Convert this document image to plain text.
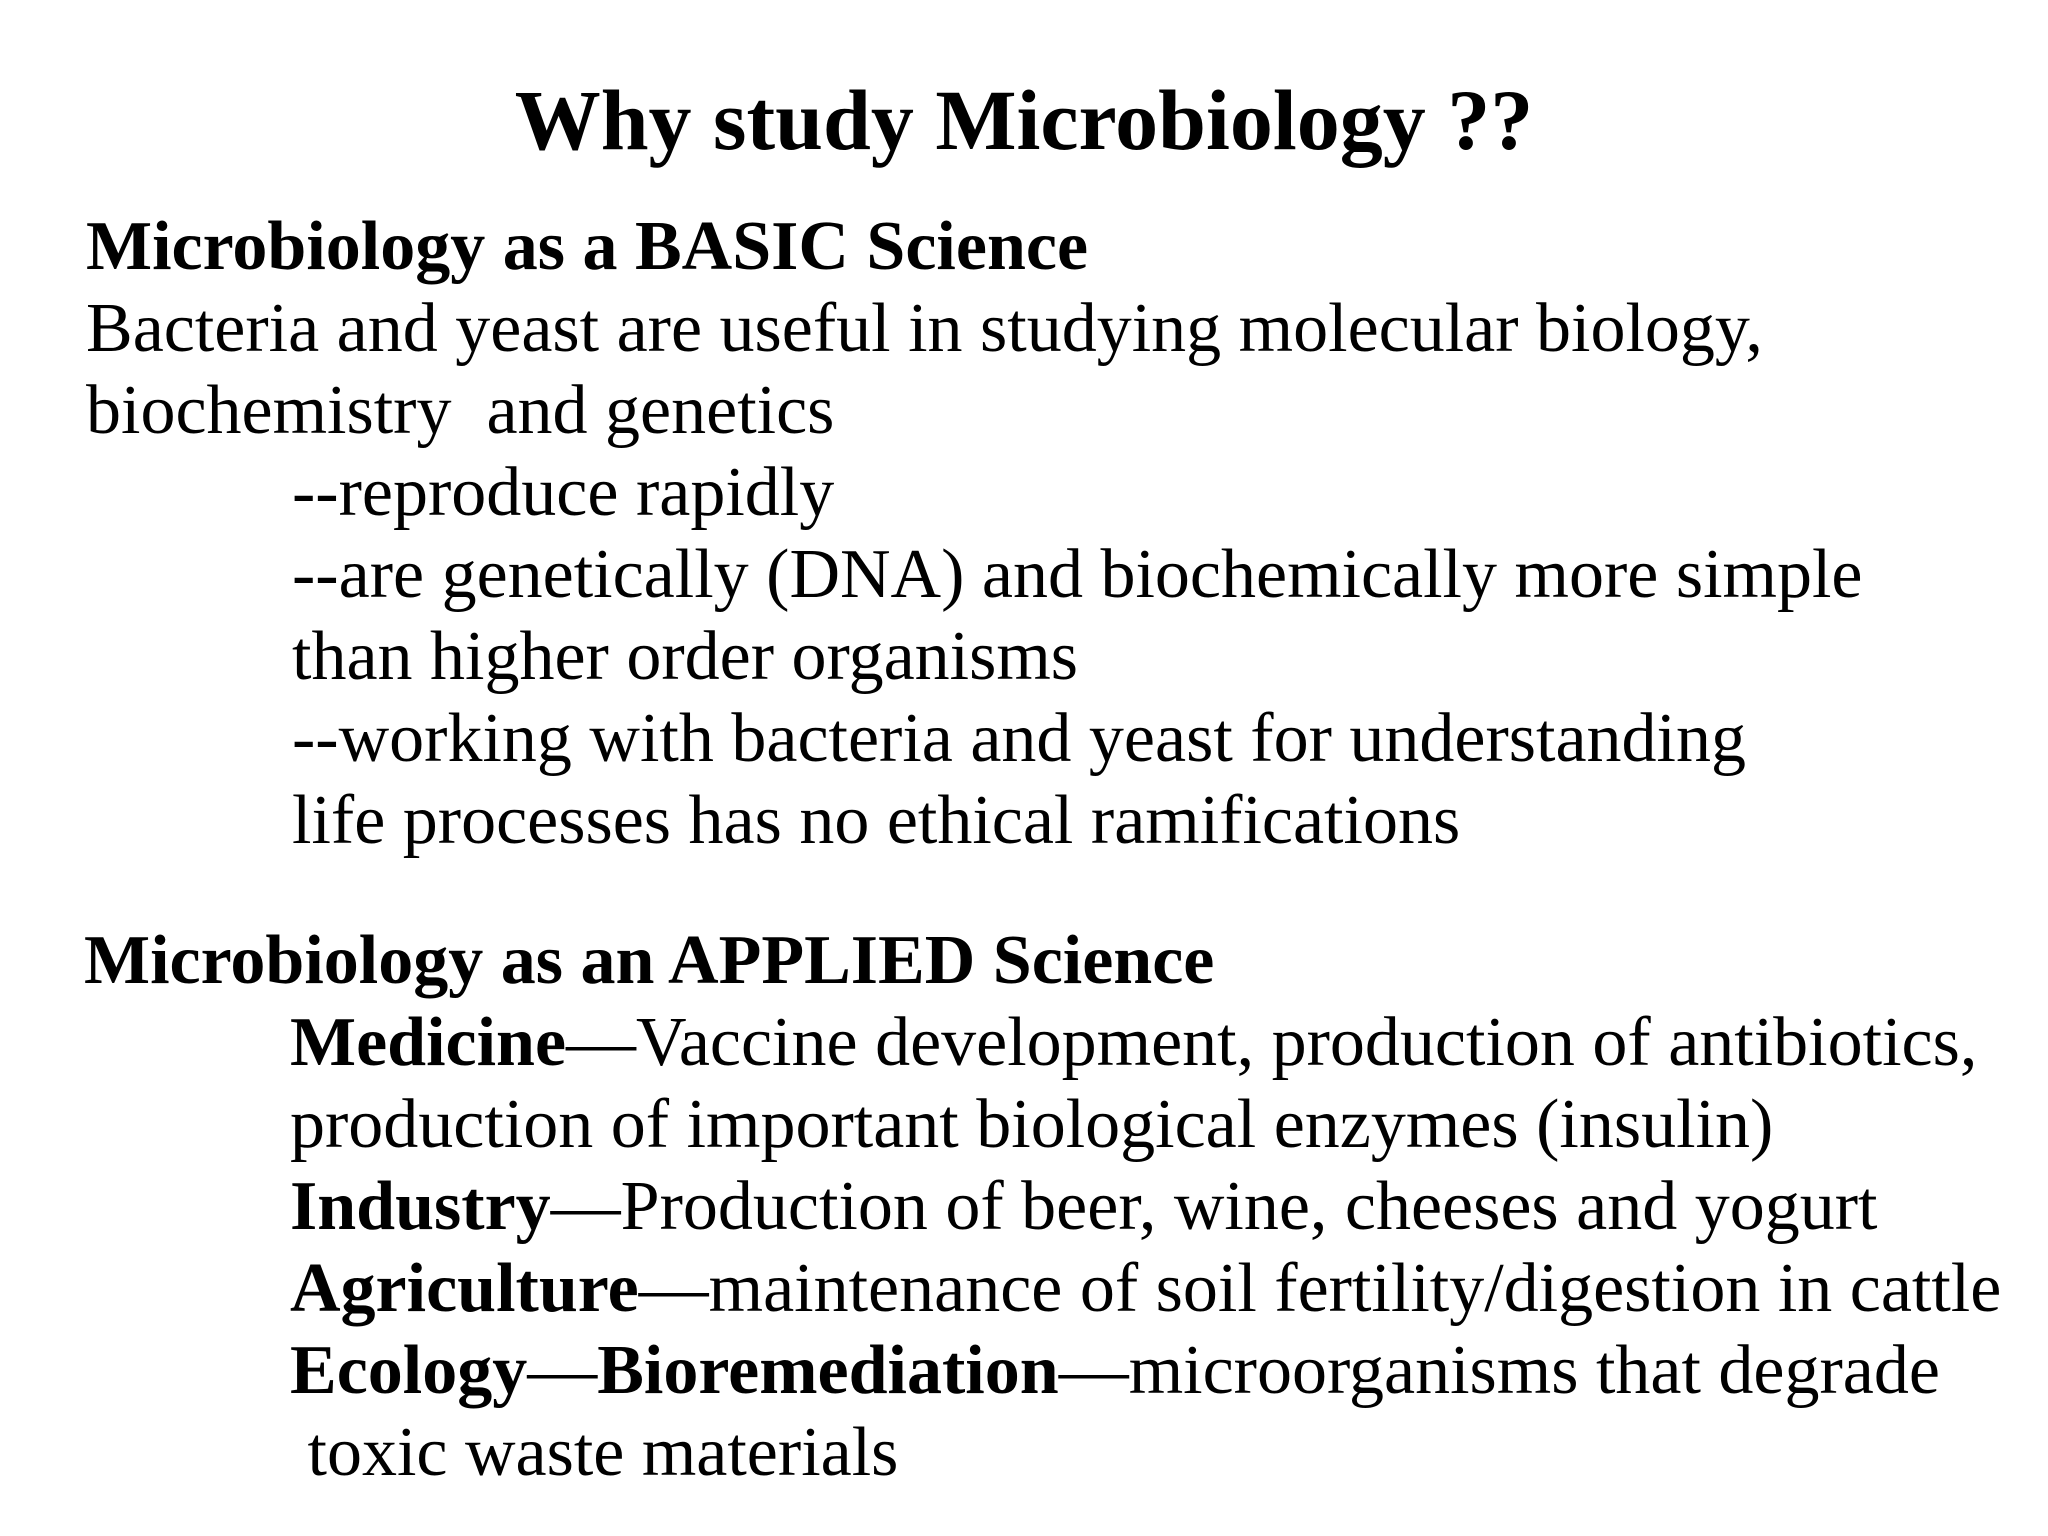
Why study Microbiology ??
Microbiology as a BASIC Science
Bacteria and yeast are useful in studying molecular biology,
biochemistry  and genetics
--reproduce rapidly
--are genetically (DNA) and biochemically more simple
than higher order organisms
--working with bacteria and yeast for understanding
life processes has no ethical ramifications
Microbiology as an APPLIED Science
Medicine—Vaccine development, production of antibiotics,
production of important biological enzymes (insulin)
Industry—Production of beer, wine, cheeses and yogurt
Agriculture—maintenance of soil fertility/digestion in cattle
Ecology—Bioremediation—microorganisms that degrade
toxic waste materials
